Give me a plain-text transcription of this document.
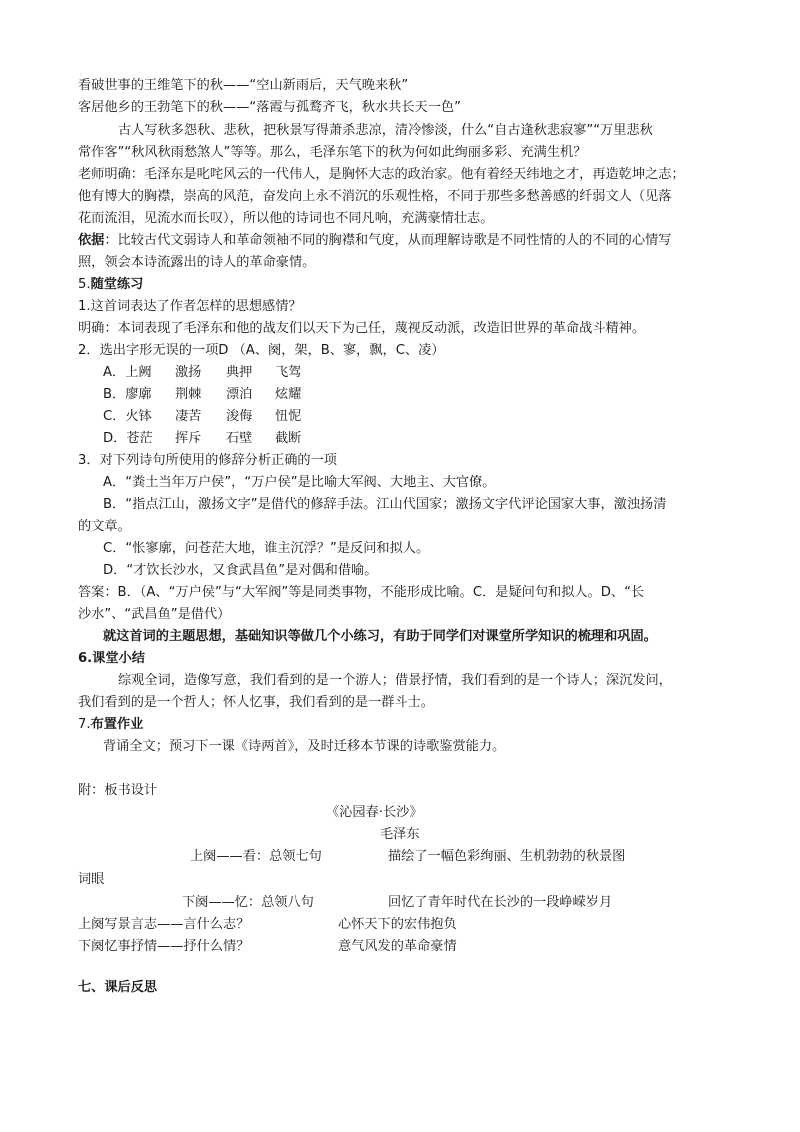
看破世事的王维笔下的秋——“空山新雨后，天气晚来秋”
客居他乡的王勃笔下的秋——“落霞与孤鹜齐飞，秋水共长天一色”
古人写秋多怨秋、悲秋，把秋景写得萧杀悲凉，清冷惨淡，什么“自古逢秋悲寂寥”“万里悲秋
常作客”“秋风秋雨愁煞人”等等。那么，毛泽东笔下的秋为何如此绚丽多彩、充满生机？
老师明确：毛泽东是叱咤风云的一代伟人，是胸怀大志的政治家。他有着经天纬地之才，再造乾坤之志；
他有博大的胸襟，崇高的风范，奋发向上永不消沉的乐观性格，不同于那些多愁善感的纤弱文人（见落
花而流泪，见流水而长叹），所以他的诗词也不同凡响，充满豪情壮志。
依据：比较古代文弱诗人和革命领袖不同的胸襟和气度，从而理解诗歌是不同性情的人的不同的心情写
照，领会本诗流露出的诗人的革命豪情。
5.随堂练习
1.这首词表达了作者怎样的思想感情？
明确：本词表现了毛泽东和他的战友们以天下为己任，蔑视反动派，改造旧世界的革命战斗精神。
2．选出字形无误的一项D （A、阕，架，B、寥，飘，C、凌）
A．上阙 激扬 典押 飞驾
B．廖廓 荆棘 漂泊 炫耀
C．火钵 凄苦 浚侮 忸怩
D．苍茫 挥斥 石壁 截断
3．对下列诗句所使用的修辞分析正确的一项
A．“粪土当年万户侯”，“万户侯”是比喻大军阀、大地主、大官僚。
B．“指点江山，激扬文字”是借代的修辞手法。江山代国家；激扬文字代评论国家大事，激浊扬清
的文章。
C．“怅寥廓，问苍茫大地，谁主沉浮？”是反问和拟人。
D．“才饮长沙水，又食武昌鱼”是对偶和借喻。
答案：B．（A、“万户侯”与“大军阀”等是同类事物，不能形成比喻。C．是疑问句和拟人。D、“长
沙水”、“武昌鱼”是借代）
就这首词的主题思想，基础知识等做几个小练习，有助于同学们对课堂所学知识的梳理和巩固。
6.课堂小结
综观全词，造像写意，我们看到的是一个游人；借景抒情，我们看到的是一个诗人；深沉发问，
我们看到的是一个哲人；怀人忆事，我们看到的是一群斗士。
7.布置作业
背诵全文；预习下一课《诗两首》，及时迁移本节课的诗歌鉴赏能力。
附：板书设计
《沁园春·长沙》
毛泽东
上阕——看：总领七句	描绘了一幅色彩绚丽、生机勃勃的秋景图
词眼
下阕——忆：总领八句	回忆了青年时代在长沙的一段峥嵘岁月
上阕写景言志——言什么志？	心怀天下的宏伟抱负
下阕忆事抒情——抒什么情？	意气风发的革命豪情
七、课后反思
